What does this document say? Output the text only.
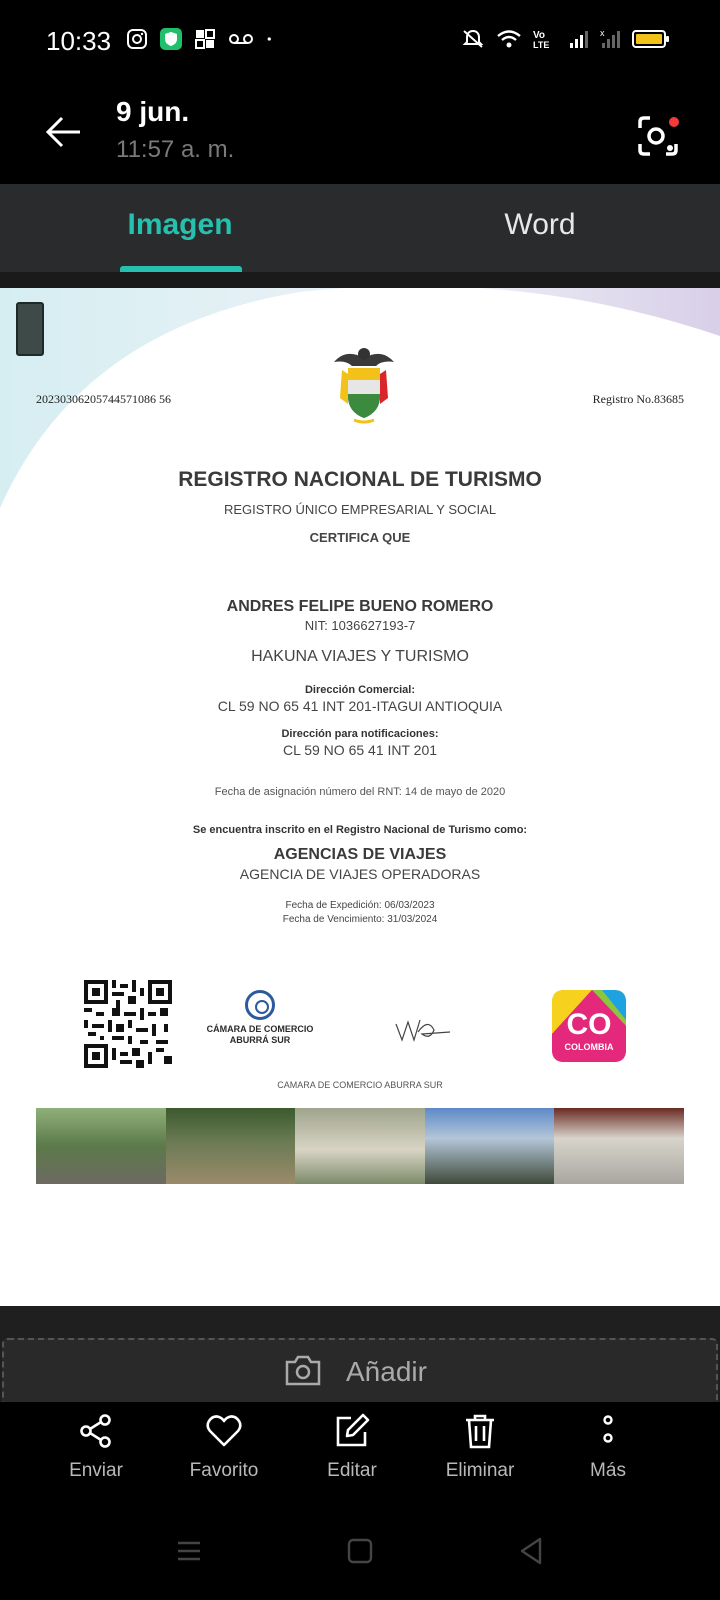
10:33	Vo
LTE
x
9 jun.
11:57 a. m.
Imagen	Word
20230306205744571086 56	Registro No.83685
REGISTRO NACIONAL DE TURISMO
REGISTRO ÚNICO EMPRESARIAL Y SOCIAL
CERTIFICA QUE
ANDRES FELIPE BUENO ROMERO
NIT: 1036627193-7
HAKUNA VIAJES Y TURISMO
Dirección Comercial:
CL 59 NO 65 41 INT 201-ITAGUI ANTIOQUIA
Dirección para notificaciones:
CL 59 NO 65 41 INT 201
Fecha de asignación número del RNT: 14 de mayo de 2020
Se encuentra inscrito en el Registro Nacional de Turismo como:
AGENCIAS DE VIAJES
AGENCIA DE VIAJES OPERADORAS
Fecha de Expedición: 06/03/2023
Fecha de Vencimiento: 31/03/2024
CÁMARA DE COMERCIO ABURRÁ SUR	CO
COLOMBIA
CAMARA DE COMERCIO ABURRA SUR
Añadir
Enviar	Favorito	Editar	Eliminar	Más
